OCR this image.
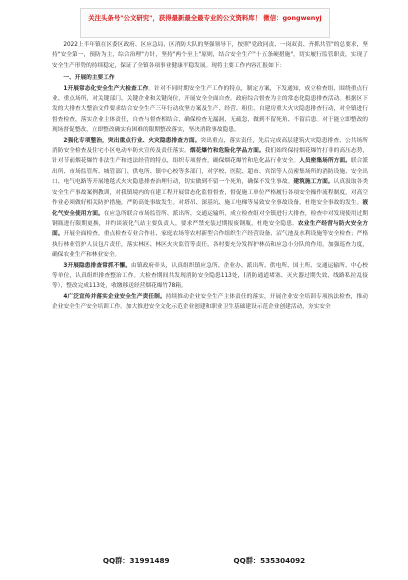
关注头条号"公文研究"，获得最新最全最专业的公文资料库！ 微信：gongwenyj

2022上半年镇在区委区政府、区应急局、区消防大队的坚强领导下，按照"党政同责、一岗双责、齐抓共管"的总要求，坚持"安全第一，预防为主，综合治理"方针，坚持"两个至上"原则，结合安全生产"十五条硬措施"，切实履行监管职责，实现了安全生产形势的持续稳定，保证了全镇各项事业健康平稳发展。现将主要工作内容汇报如下：

一、开展的主要工作

1开展常态化安全生产大检查工作。针对不同时期安全生产工作的特点，制定方案，下发通知，成立检查组，围绕重点行业、重点场所，对关键部门、关键企业和关键岗位，开展安全全面自查。政府综合督查为主的常态化隐患排查活动。根据区下发的大排查大整治文件要求结合安全生产三年行动攻坚方案及生产、经营、租住、自建房重大火灾隐患排查行动，对全镇进行督查检查，落实企业主体责任，自查与督查相结合，确保检查无漏洞，无疏忽，做到不留死角、不留后患。对于能立即整改的现场督促整改，立即整改确实有困难的限期整改落实，坚决消除事故隐患。

2强化专项整治，突出重点行业、火灾隐患排查方面。突出重点，落实责任，先后完成高层建筑火灾隐患排查、公共场所消防安全检查及住宅小区电动车防火宣传及责任落实。烟花爆竹和危险化学品方面。我们始终保持烟花爆竹打非的高压态势，针对节前烟花爆竹非法生产和违法经营的特点，组织专项督查，确保烟花爆竹和危化品行业安全。人员密集场所方面。联合派出所、市场监管所、城管部门、供电所、镇中心校等多部门，对学校、医院、超市、宾馆等人员密集场所的消防设施、安全出口、电气电路等开展地毯式火灾隐患排查治理行动，切实做到不留一个死角，确保不发生事故。建筑施工方面。认真汲取各类安全生产事故案例教训，对我镇境内的在建工程开展常态化监督督查，督促施工单位严格履行各项安全操作流程制度，对高空作业必须做好相关防护措施，严防高处事故发生。对塔吊、深基坑、施工电梯等易致安全事故设备，杜绝安全事故的发生。液化气安全使用方面。在应急所联合市场监管所、派出所、交通运输所，成立检查组对全镇进行大排查，检查中对发现使用过期钢瓶进行限期更换，并约谈液化气站主要负责人，要求严禁充装过期报废钢瓶，杜绝安全隐患。农业生产经营与防火安全方面。开展全面检查，重点检查专业合作社、家庭农场等农村新型合作组织生产经营设备、沼气池及水利设施等安全检查；严格执行林业管护人员包片责任，落实林区、林区火灾监管等责任，各村要充分发挥护林员和应急小分队的作用，加强巡查力度，确保农业生产和林业安全。

3开展隐患排查常抓不懈。由镇政府牵头，认真组织镇应急所、企业办、派出所、供电所、国土所、交通运输所、中心校等单位，认真组织排查整治工作。大检查期间共发现消防安全隐患113处，(消防通道堵塞、灭火器过期失效、线路私拉乱接等），整改完成113处，收缴移送经营烟花爆竹78箱。

4广泛宣传并落实企业安全生产责任制。持续推动企业安全生产主体责任的落实，开展企业安全培训专项执法检查，推动企业安全生产安全培训工作。加大推进安全文化示范企业创建和职业卫生基础建设示范企业创建活动，夯实安全

QQ群：31991489	QQ群：535304092
